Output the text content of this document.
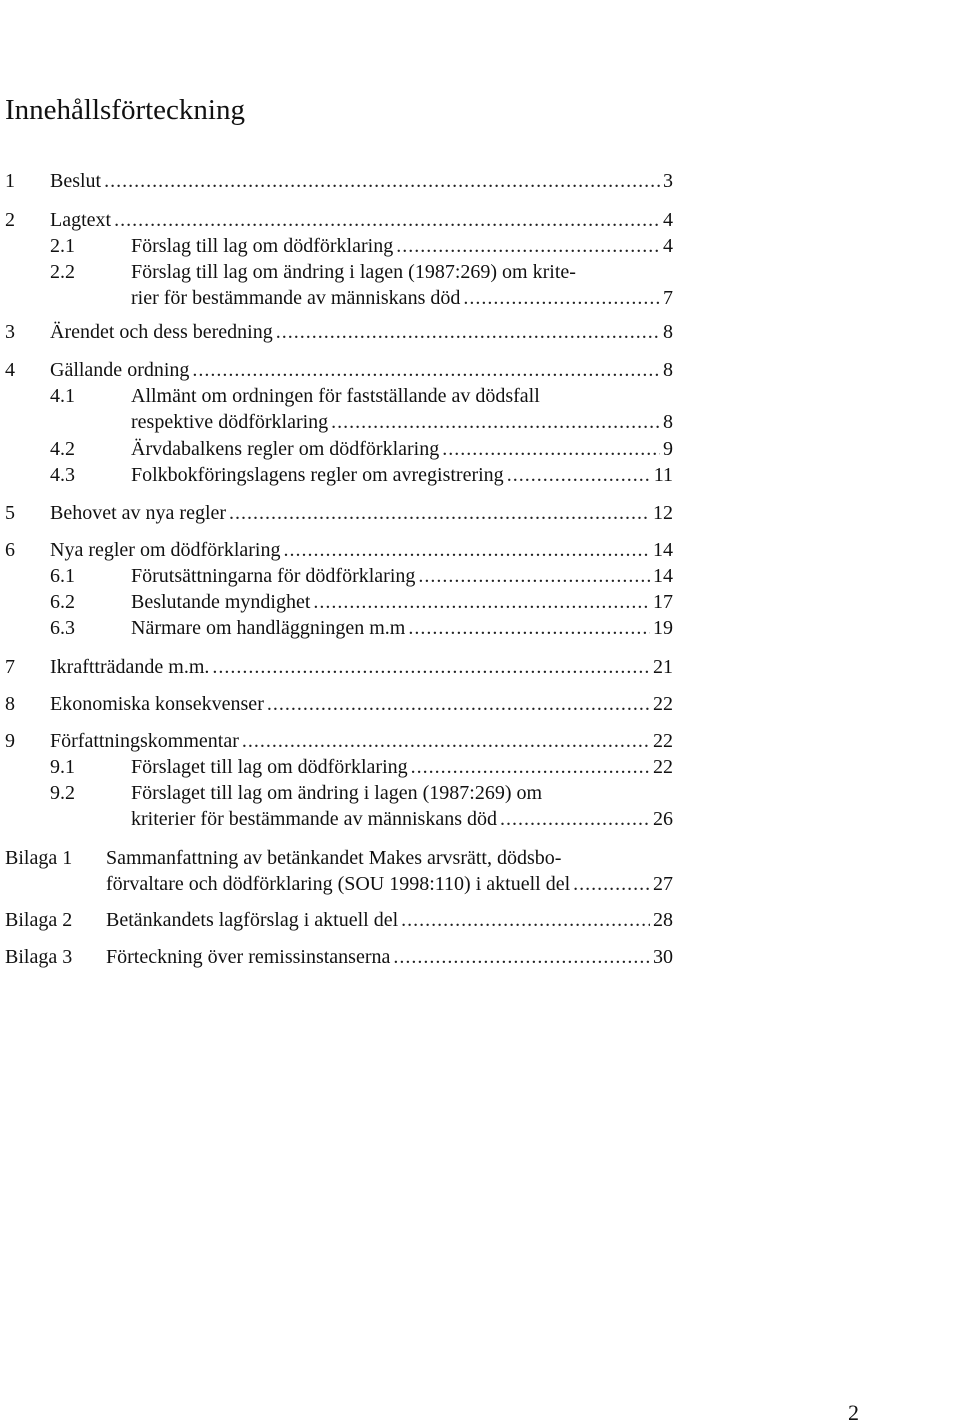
Innehållsförteckning
1 Beslut .....	3
2 Lagtext .....	4
2.1	Förslag till lag om dödförklaring .....	4
2.2	Förslag till lag om ändring i lagen (1987:269) om krite-
rier för bestämmande av människans död .....	7
3 Ärendet och dess beredning .....	8
4 Gällande ordning .....	8
4.1	Allmänt om ordningen för fastställande av dödsfall
respektive dödförklaring .....	8
4.2	Ärvdabalkens regler om dödförklaring .....	9
4.3	Folkbokföringslagens regler om avregistrering .....	11
5 Behovet av nya regler .....	12
6 Nya regler om dödförklaring .....	14
6.1	Förutsättningarna för dödförklaring .....	14
6.2	Beslutande myndighet .....	17
6.3	Närmare om handläggningen m.m .....	19
7 Ikraftträdande m.m. .....	21
8 Ekonomiska konsekvenser .....	22
9 Författningskommentar .....	22
9.1	Förslaget till lag om dödförklaring .....	22
9.2	Förslaget till lag om ändring i lagen (1987:269) om
kriterier för bestämmande av människans död .....	26
Bilaga 1 Sammanfattning av betänkandet Makes arvsrätt, dödsbo-
förvaltare och dödförklaring (SOU 1998:110) i aktuell del .....	27
Bilaga 2 Betänkandets lagförslag i aktuell del .....	28
Bilaga 3 Förteckning över remissinstanserna .....	30
2
